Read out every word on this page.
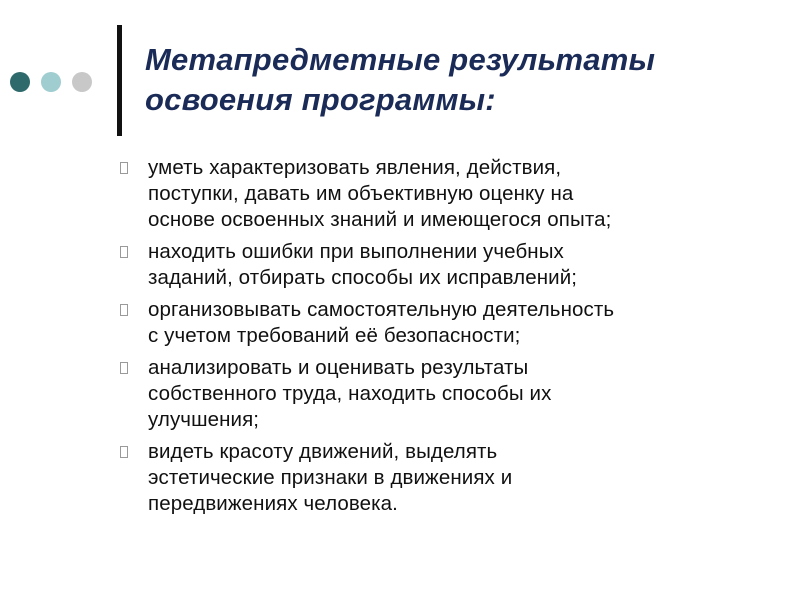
Метапредметные результаты
освоения программы:
уметь характеризовать явления, действия,
поступки, давать им объективную оценку на
основе освоенных знаний и имеющегося опыта;
находить ошибки при выполнении учебных
заданий, отбирать способы их исправлений;
организовывать самостоятельную деятельность
с учетом требований её безопасности;
анализировать и оценивать результаты
собственного труда, находить способы их
улучшения;
видеть красоту движений, выделять
эстетические признаки в движениях и
передвижениях человека.
